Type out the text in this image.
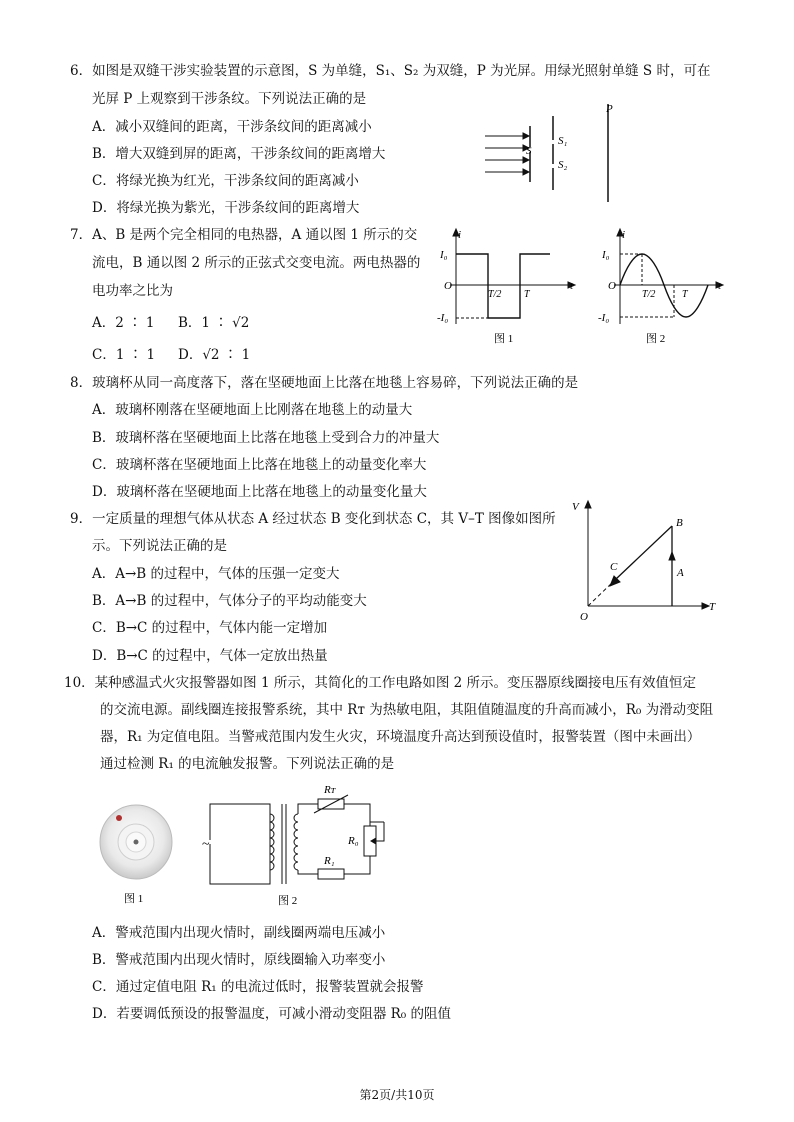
6．如图是双缝干涉实验装置的示意图，S 为单缝，S₁、S₂ 为双缝，P 为光屏。用绿光照射单缝 S 时，可在
光屏 P 上观察到干涉条纹。下列说法正确的是
A．减小双缝间的距离，干涉条纹间的距离减小
B．增大双缝到屏的距离，干涉条纹间的距离增大
C．将绿光换为红光，干涉条纹间的距离减小
D．将绿光换为紫光，干涉条纹间的距离增大
S
S₁
S₂
P
7．A、B 是两个完全相同的电热器，A 通以图 1 所示的交
流电，B 通以图 2 所示的正弦式交变电流。两电热器的
电功率之比为
A．2 ∶ 1 B．1 ∶ √2
C．1 ∶ 1 D．√2 ∶ 1
i
I₀
-I₀
O
T/2 T
t
图 1
i
I₀
-I₀
O
T/2	T
t
图 2
8．玻璃杯从同一高度落下，落在坚硬地面上比落在地毯上容易碎，下列说法正确的是
A．玻璃杯刚落在坚硬地面上比刚落在地毯上的动量大
B．玻璃杯落在坚硬地面上比落在地毯上受到合力的冲量大
C．玻璃杯落在坚硬地面上比落在地毯上的动量变化率大
D．玻璃杯落在坚硬地面上比落在地毯上的动量变化量大
9．一定质量的理想气体从状态 A 经过状态 B 变化到状态 C，其 V–T 图像如图所
示。下列说法正确的是
A．A→B 的过程中，气体的压强一定变大
B．A→B 的过程中，气体分子的平均动能变大
C．B→C 的过程中，气体内能一定增加
D．B→C 的过程中，气体一定放出热量
V
T
O
A
B
C
10．某种感温式火灾报警器如图 1 所示，其简化的工作电路如图 2 所示。变压器原线圈接电压有效值恒定
的交流电源。副线圈连接报警系统，其中 Rᴛ 为热敏电阻，其阻值随温度的升高而减小，R₀ 为滑动变阻
器，R₁ 为定值电阻。当警戒范围内发生火灾，环境温度升高达到预设值时，报警装置（图中未画出）
通过检测 R₁ 的电流触发报警。下列说法正确的是
图 1
~
Rᴛ
R₀
R₁
图 2
A．警戒范围内出现火情时，副线圈两端电压减小
B．警戒范围内出现火情时，原线圈输入功率变小
C．通过定值电阻 R₁ 的电流过低时，报警装置就会报警
D．若要调低预设的报警温度，可减小滑动变阻器 R₀ 的阻值
第2页/共10页
